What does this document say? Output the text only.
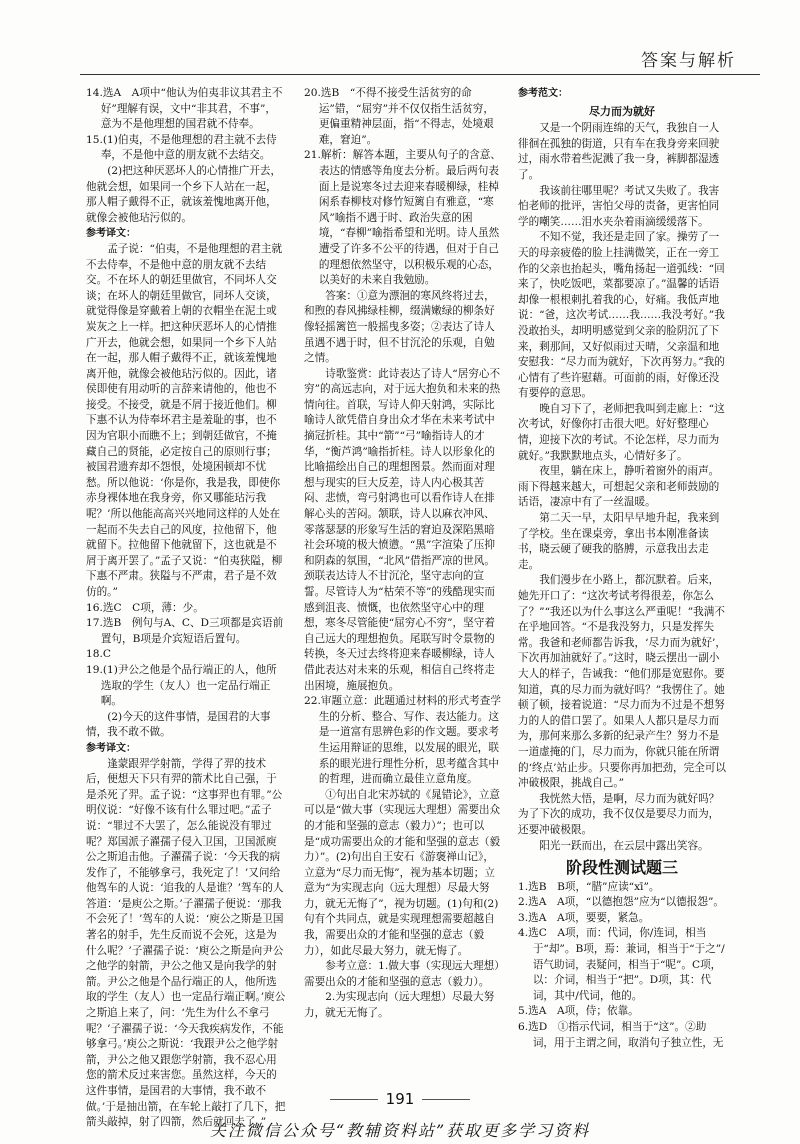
答案与解析

14.选A　A项中“他认为伯夷非议其君主不好”理解有误，文中“非其君，不事”，意为不是他理想的国君就不侍奉。

15.(1)伯夷，不是他理想的君主就不去侍奉，不是他中意的朋友就不去结交。

(2)把这种厌恶坏人的心情推广开去，他就会想，如果同一个乡下人站在一起，那人帽子戴得不正，就该羞愧地离开他，就像会被他玷污似的。

参考译文：

孟子说：“伯夷，不是他理想的君主就不去侍奉，不是他中意的朋友就不去结交。不在坏人的朝廷里做官，不同坏人交谈；在坏人的朝廷里做官，同坏人交谈，就觉得像是穿戴着上朝的衣帽坐在泥土或炭灰之上一样。把这种厌恶坏人的心情推广开去，他就会想，如果同一个乡下人站在一起，那人帽子戴得不正，就该羞愧地离开他，就像会被他玷污似的。因此，诸侯即使有用动听的言辞来请他的，他也不接受。不接受，就是不屑于接近他们。柳下惠不认为侍奉坏君主是羞耻的事，也不因为官职小而瞧不上；到朝廷做官，不掩藏自己的贤能，必定按自己的原则行事；被国君遗弃却不怨恨，处境困顿却不忧愁。所以他说：‘你是你，我是我，即使你赤身裸体地在我身旁，你又哪能玷污我呢？’所以他能高高兴兴地同这样的人处在一起而不失去自己的风度，拉他留下，他就留下。拉他留下他就留下，这也就是不屑于离开罢了。”孟子又说：“伯夷狭隘，柳下惠不严肃。狭隘与不严肃，君子是不效仿的。”

16.选C　C项，薄：少。

17.选B　例句与A、C、D三项都是宾语前置句，B项是介宾短语后置句。

18.C

19.(1)尹公之他是个品行端正的人，他所选取的学生（友人）也一定品行端正啊。

(2)今天的这件事情，是国君的大事情，我不敢不做。

参考译文：

逢蒙跟羿学射箭，学得了羿的技术后，便想天下只有羿的箭术比自己强，于是杀死了羿。孟子说：“这事羿也有罪。”公明仪说：“好像不该有什么罪过吧。”孟子说：“罪过不大罢了，怎么能说没有罪过呢？郑国派子濯孺子侵入卫国，卫国派庾公之斯追击他。子濯孺子说：‘今天我的病发作了，不能够拿弓，我死定了！’又问给他驾车的人说：‘追我的人是谁？’驾车的人答道：‘是庾公之斯。’子濯孺子便说：‘那我不会死了！’驾车的人说：‘庾公之斯是卫国著名的射手，先生反而说不会死，这是为什么呢？’子濯孺子说：‘庾公之斯是向尹公之他学的射箭，尹公之他又是向我学的射箭。尹公之他是个品行端正的人，他所选取的学生（友人）也一定品行端正啊。’庾公之斯追上来了，问：‘先生为什么不拿弓呢？’子濯孺子说：‘今天我疾病发作，不能够拿弓。’庾公之斯说：‘我跟尹公之他学射箭，尹公之他又跟您学射箭，我不忍心用您的箭术反过来害您。虽然这样，今天的这件事情，是国君的大事情，我不敢不做。’于是抽出箭，在车轮上敲打了几下，把箭头敲掉，射了四箭，然后就回去了。”

20.选B　“不得不接受生活贫穷的命运”错，“屈穷”并不仅仅指生活贫穷，更偏重精神层面，指“不得志，处境艰难，窘迫”。

21.解析：解答本题，主要从句子的含意、表达的情感等角度去分析。最后两句表面上是说寒冬过去迎来春暖柳绿，桂棹闲系春柳枝对修竹短篱自有雅意，“寒风”喻指不遇于时、政治失意的困境，“春柳”喻指希望和光明。诗人虽然遭受了许多不公平的待遇，但对于自己的理想依然坚守，以积极乐观的心态，以美好的未来自我勉励。

答案：①意为漂洄的寒风终将过去，和煦的春风拂绿桂柳，缀满嫩绿的柳条好像轻摇篱笆一般摇曳多姿；②表达了诗人虽遇不遇于时，但不甘沉沦的乐观，自勉之情。

诗歌鉴赏：此诗表达了诗人“居穷心不穷”的高远志向，对于远大抱负和未来的热情向往。首联，写诗人仰天射鸿，实际比喻诗人欲凭借自身出众才华在未来考试中摘冠折桂。其中“箭”“弓”喻指诗人的才华，“衡芦鸿”喻指折桂。诗人以形象化的比喻描绘出自己的理想图景。然而面对理想与现实的巨大反差，诗人内心极其苦闷、悲愤，弯弓射鸿也可以看作诗人在排解心头的苦闷。颔联，诗人以麻衣冲风、零落瑟瑟的形象写生活的窘迫及深陷黑暗社会环境的极大愤懑。“黑”字渲染了压抑和阴森的氛围，“北风”借指严凉的世风。颈联表达诗人不甘沉沦，坚守志向的宣誓。尽管诗人为“枯荣不等”的残酷现实而感到沮丧、愤慨，也依然坚守心中的理想，寒冬尽管能使“屈穷心不穷”，坚守着自己远大的理想抱负。尾联写时令景物的转换，冬天过去终将迎来春暖柳绿，诗人借此表达对未来的乐观，相信自己终将走出困境，施展抱负。

22.审题立意：此题通过材料的形式考查学生的分析、整合、写作、表达能力。这是一道富有思辨色彩的作文题。要求考生运用辩证的思维，以发展的眼光，联系的眼光进行理性分析，思考蕴含其中的哲理，进而确立最佳立意角度。

①句出自北宋苏轼的《晁错论》，立意可以是“做大事（实现远大理想）需要出众的才能和坚强的意志（毅力）”；也可以是“成功需要出众的才能和坚强的意志（毅力）”。(2)句出自王安石《游褒禅山记》，立意为“尽力而无悔”，视为基本切题；立意为“为实现志向（远大理想）尽最大努力，就无无悔了”，视为切题。(1)句和(2)句有个共同点，就是实现理想需要超越自我，需要出众的才能和坚强的意志（毅力），如此尽最大努力，就无悔了。

参考立意：1.做大事（实现远大理想）需要出众的才能和坚强的意志（毅力）。

2.为实现志向（远大理想）尽最大努力，就无无悔了。

参考范文：

尽力而为就好

又是一个阴雨连绵的天气，我独自一人徘徊在孤独的街道，只有车在我身旁来回驶过，雨水带着些泥溅了我一身，裤脚都湿透了。

我该前往哪里呢？考试又失败了。我害怕老师的批评，害怕父母的责备，更害怕同学的嘲笑……泪水夹杂着雨滴缓缓落下。

不知不觉，我还是走回了家。操劳了一天的母亲疲倦的脸上挂满微笑，正在一旁工作的父亲也抬起头，嘴角扬起一道弧线：“回来了，快吃饭吧，菜都要凉了。”温馨的话语却像一根根刺扎着我的心，好痛。我低声地说：“爸，这次考试……我……我没考好。”我没敢抬头，却明明感觉到父亲的脸阴沉了下来，剩那间，又好似雨过天晴，父亲温和地安慰我：“尽力而为就好，下次再努力。”我的心情有了些许慰藉。可面前的雨，好像还没有要停的意思。

晚自习下了，老师把我叫到走廊上：“这次考试，好像你打击很大吧。好好整理心情，迎接下次的考试。不论怎样，尽力而为就好。”我默默地点头，心情好多了。

夜里，躺在床上，静听着窗外的雨声。雨下得越来越大，可想起父亲和老师鼓励的话语，凄凉中有了一丝温暖。

第二天一早，太阳早早地升起，我来到了学校。坐在课桌旁，拿出书本刚准备读书，晓云硬了硬我的胳膊，示意我出去走走。

我们漫步在小路上，都沉默着。后来，她先开口了：“这次考试考得很差，你怎么了？”“我还以为什么事这么严重呢！”我满不在乎地回答。“不是我没努力，只是发挥失常。我爸和老师都告诉我，‘尽力而为就好’，下次再加油就好了。”这时，晓云摆出一副小大人的样子，告诫我：“他们那是宽慰你。要知道，真的尽力而为就好吗？”我愣住了。她顿了顿，接着说道：“尽力而为不过是不想努力的人的借口罢了。如果人人都只是尽力而为，那何来那么多新的纪录产生？努力不是一道虚掩的门，尽力而为，你就只能在所谓的‘终点’站止步。只要你再加把劲，完全可以冲破极限，挑战自己。”

我恍然大悟，是啊，尽力而为就好吗？为了下次的成功，我不仅仅是要尽力而为，还要冲破极限。

阳光一跃而出，在云层中露出笑容。

阶段性测试题三

1.选B　B项，“腊”应读“xī”。

2.选A　A项，“以德抱怨”应为“以德报怨”。

3.选A　A项，要要，紧急。

4.选C　A项，而：代词，你/连词，相当于“却”。B项，焉：兼词，相当于“于之”/语气助词，表疑问，相当于“呢”。C项，以：介词，相当于“把”。D项，其：代词，其中/代词，他的。

5.选A　A项，侍；依靠。

6.选D　①指示代词，相当于“这”。②助词，用于主谓之间，取消句子独立性，无

191
关注微信公众号“教辅资料站”获取更多学习资料
